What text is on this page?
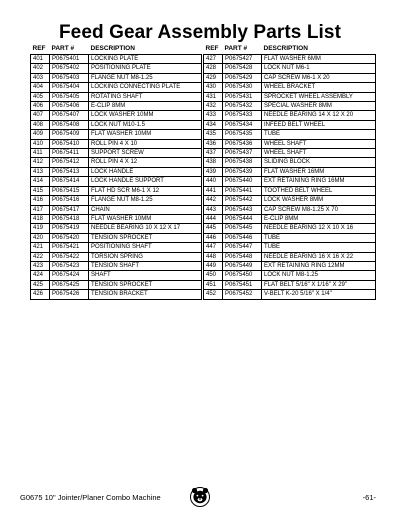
Feed Gear Assembly Parts List
REF	PART #	DESCRIPTION
401	P0675401	LOCKING PLATE
402	P0675402	POSITIONING PLATE
403	P0675403	FLANGE NUT M8-1.25
404	P0675404	LOCKING CONNECTING PLATE
405	P0675405	ROTATING SHAFT
406	P0675406	E-CLIP 8MM
407	P0675407	LOCK WASHER 10MM
408	P0675408	LOCK NUT M10-1.5
409	P0675409	FLAT WASHER 10MM
410	P0675410	ROLL PIN 4 X 10
411	P0675411	SUPPORT SCREW
412	P0675412	ROLL PIN 4 X 12
413	P0675413	LOCK HANDLE
414	P0675414	LOCK HANDLE SUPPORT
415	P0675415	FLAT HD SCR M6-1 X 12
416	P0675416	FLANGE NUT M8-1.25
417	P0675417	CHAIN
418	P0675418	FLAT WASHER 10MM
419	P0675419	NEEDLE BEARING 10 X 12 X 17
420	P0675420	TENSION SPROCKET
421	P0675421	POSITIONING SHAFT
422	P0675422	TORSION SPRING
423	P0675423	TENSION SHAFT
424	P0675424	SHAFT
425	P0675425	TENSION SPROCKET
426	P0675426	TENSION BRACKET
REF	PART #	DESCRIPTION
427	P0675427	FLAT WASHER 6MM
428	P0675428	LOCK NUT M6-1
429	P0675429	CAP SCREW M6-1 X 20
430	P0675430	WHEEL BRACKET
431	P0675431	SPROCKET WHEEL ASSEMBLY
432	P0675432	SPECIAL WASHER 8MM
433	P0675433	NEEDLE BEARING 14 X 12 X 20
434	P0675434	INFEED BELT WHEEL
435	P0675435	TUBE
436	P0675436	WHEEL SHAFT
437	P0675437	WHEEL SHAFT
438	P0675438	SLIDING BLOCK
439	P0675439	FLAT WASHER 16MM
440	P0675440	EXT RETAINING RING 16MM
441	P0675441	TOOTHED BELT WHEEL
442	P0675442	LOCK WASHER 8MM
443	P0675443	CAP SCREW M8-1.25 X 70
444	P0675444	E-CLIP 8MM
445	P0675445	NEEDLE BEARING 12 X 10 X 16
446	P0675446	TUBE
447	P0675447	TUBE
448	P0675448	NEEDLE BEARING 16 X 16 X 22
449	P0675449	EXT RETAINING RING 12MM
450	P0675450	LOCK NUT M8-1.25
451	P0675451	FLAT BELT 5/16" X 1/16" X 29"
452	P0675452	V-BELT K-20 5/16" X 1/4"
G0675 10" Jointer/Planer Combo Machine	-61-
